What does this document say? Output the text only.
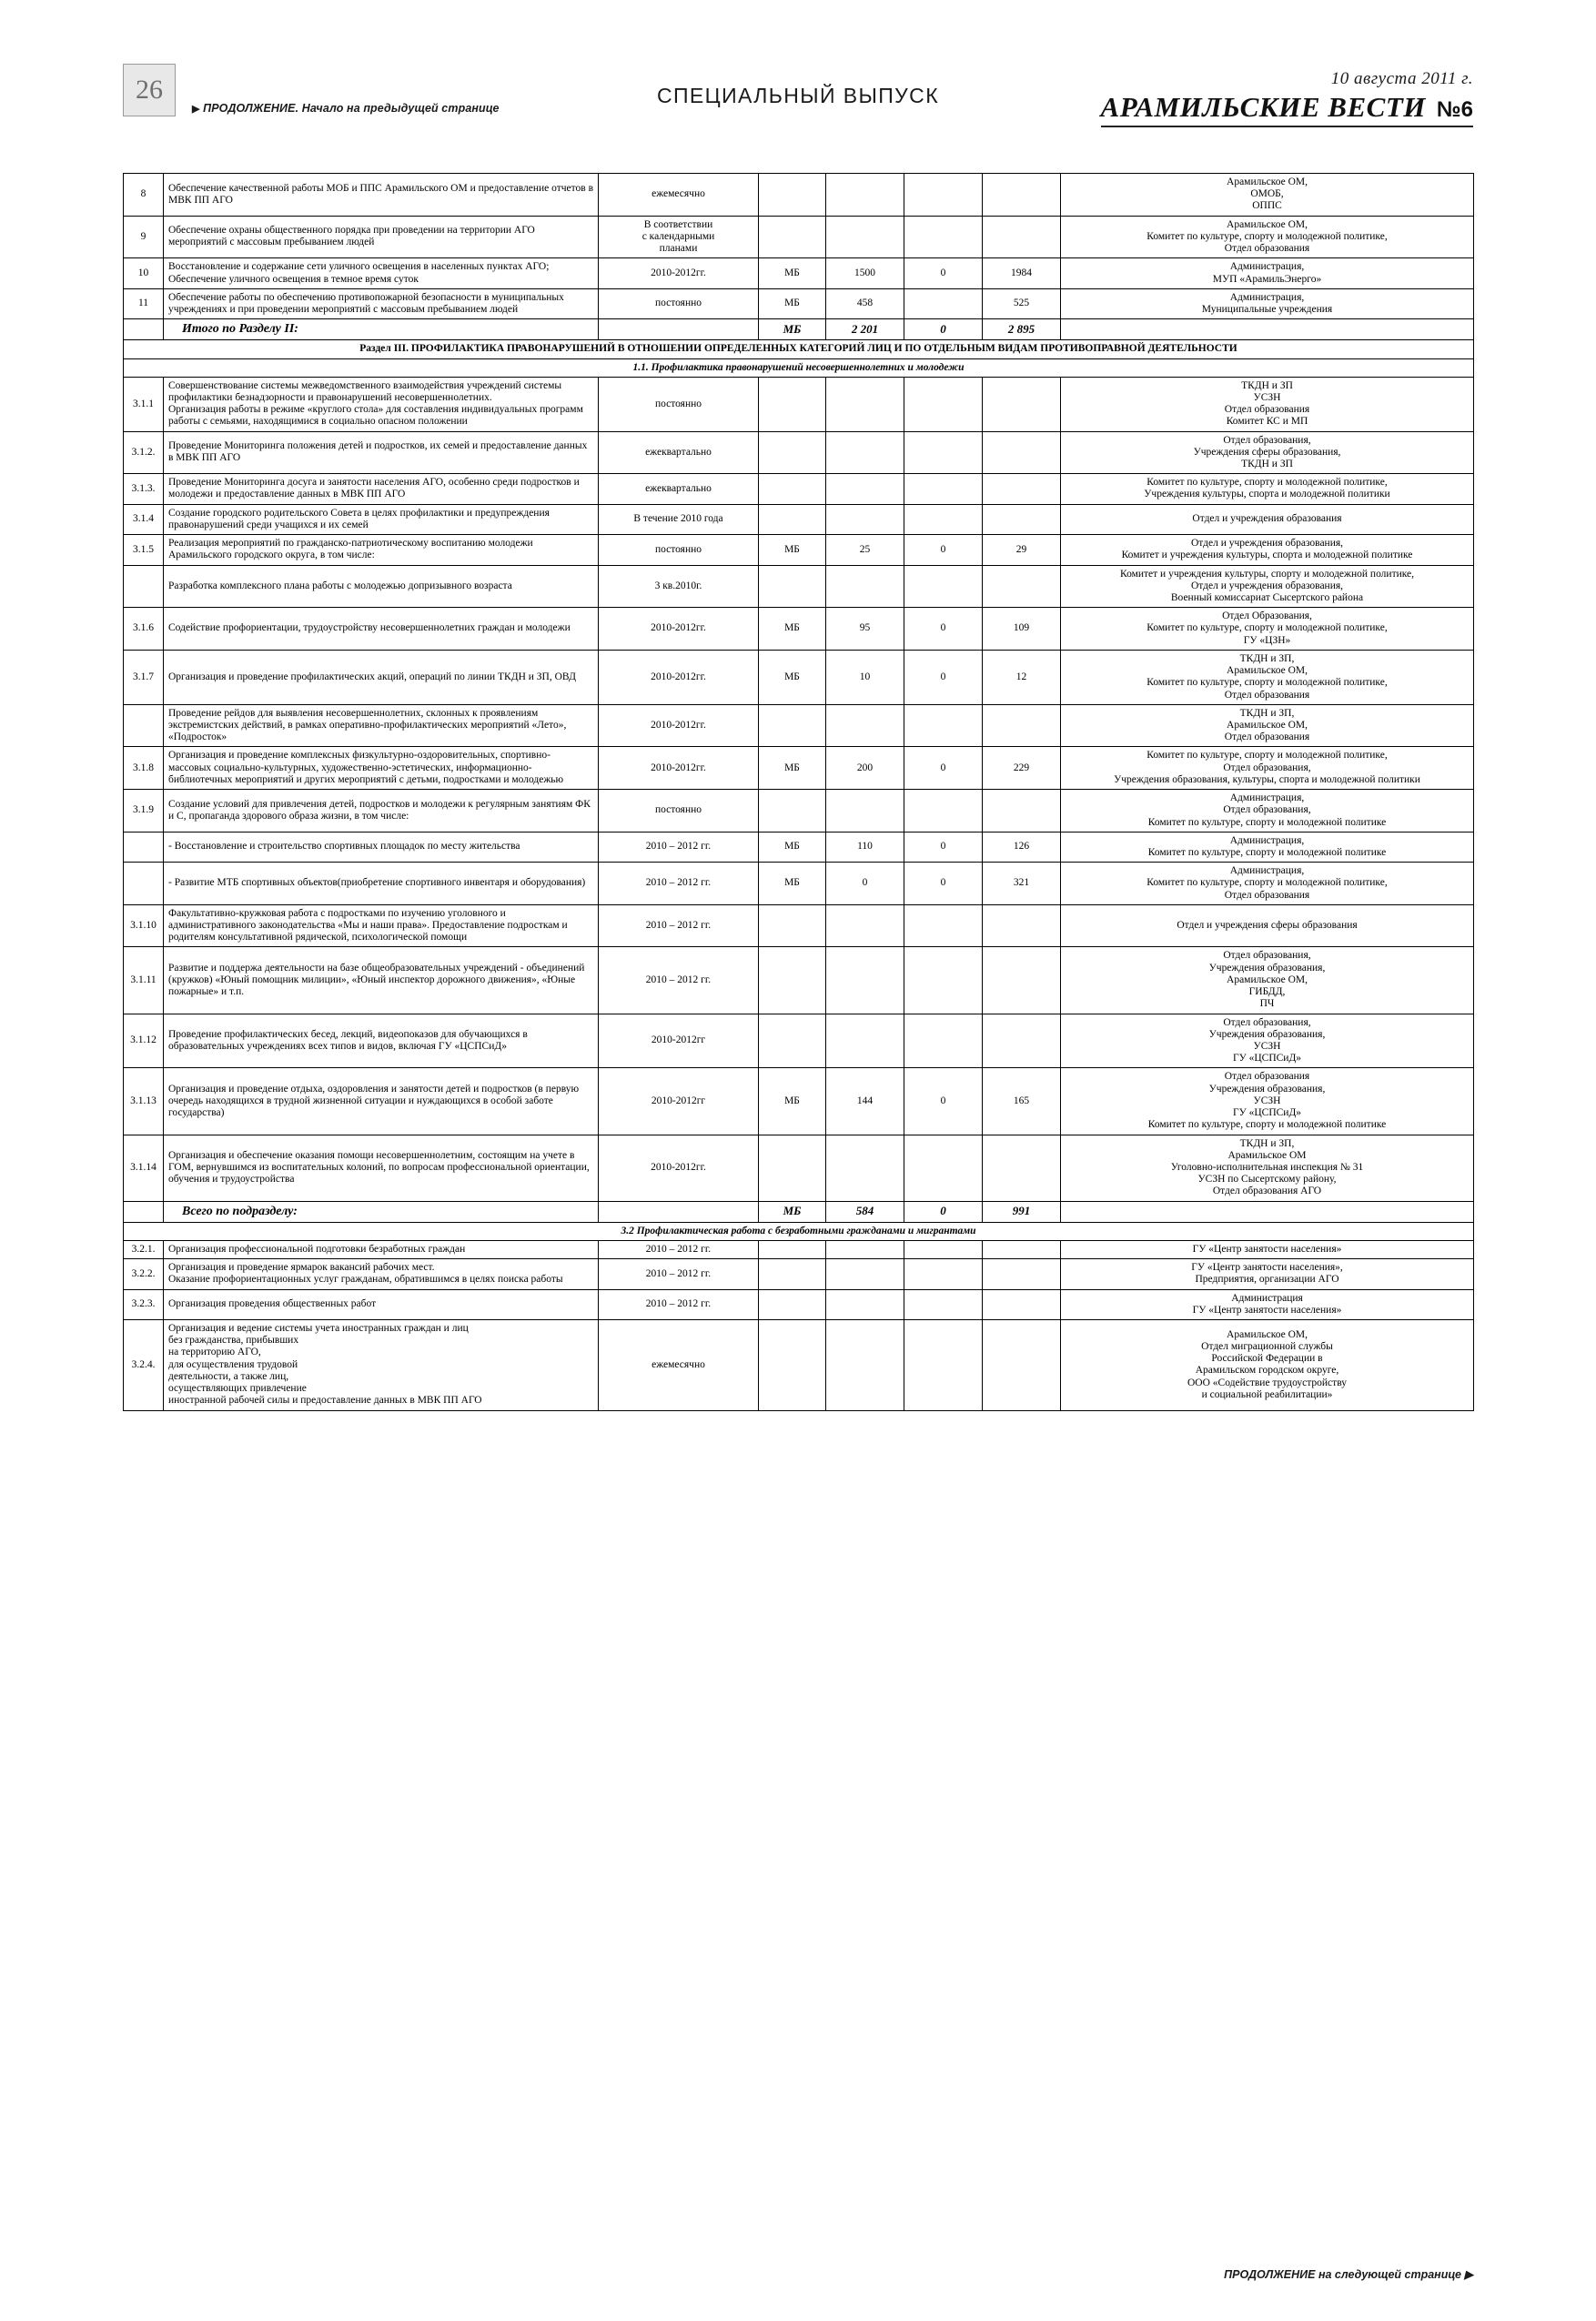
26
▶ ПРОДОЛЖЕНИЕ. Начало на предыдущей странице
СПЕЦИАЛЬНЫЙ ВЫПУСК
10 августа 2011 г.
АРАМИЛЬСКИЕ ВЕСТИ №6
8	Обеспечение качественной работы МОБ и ППС Арамильского ОМ и предоставление отчетов в МВК ПП АГО	ежемесячно					Арамильское ОМ,
ОМОБ,
ОППС
9	Обеспечение охраны общественного порядка при проведении на территории АГО мероприятий с массовым пребыванием людей	В соответствии
с календарными
планами					Арамильское ОМ,
Комитет по культуре, спорту и молодежной политике,
Отдел образования
10	Восстановление и содержание сети уличного освещения в населенных пунктах АГО;
Обеспечение уличного освещения в темное время суток	2010-2012гг.	МБ	1500	0	1984	Администрация,
МУП «АрамильЭнерго»
11	Обеспечение работы по обеспечению противопожарной безопасности в муниципальных учреждениях и при проведении мероприятий с массовым пребыванием людей	постоянно	МБ	458		525	Администрация,
Муниципальные учреждения
	Итого по Разделу II:		МБ	2 201	0	2 895	
Раздел III. ПРОФИЛАКТИКА ПРАВОНАРУШЕНИЙ В ОТНОШЕНИИ ОПРЕДЕЛЕННЫХ КАТЕГОРИЙ ЛИЦ И ПО ОТДЕЛЬНЫМ ВИДАМ ПРОТИВОПРАВНОЙ ДЕЯТЕЛЬНОСТИ							
1.1. Профилактика правонарушений несовершеннолетних и молодежи							
3.1.1	Совершенствование системы межведомственного взаимодействия учреждений системы профилактики безнадзорности и правонарушений несовершеннолетних.
Организация работы в режиме «круглого стола» для составления индивидуальных программ работы с семьями, находящимися в социально опасном положении	постоянно					ТКДН и ЗП
УСЗН
Отдел образования
Комитет КС и МП
3.1.2.	Проведение Мониторинга положения детей и подростков, их семей и предоставление данных в МВК ПП АГО	ежеквартально					Отдел образования,
Учреждения сферы образования,
ТКДН и ЗП
3.1.3.	Проведение Мониторинга досуга и занятости населения АГО, особенно среди подростков и молодежи и предоставление данных в МВК ПП АГО	ежеквартально					Комитет по культуре, спорту и молодежной политике,
Учреждения культуры, спорта и молодежной политики
3.1.4	Создание городского родительского Совета в целях профилактики и предупреждения правонарушений среди учащихся и их семей	В течение 2010 года					Отдел и учреждения образования
3.1.5	Реализация мероприятий по гражданско-патриотическому воспитанию молодежи Арамильского городского округа, в том числе:	постоянно	МБ	25	0	29	Отдел и учреждения образования,
Комитет и учреждения культуры, спорта и молодежной политике
	Разработка комплексного плана работы с молодежью допризывного возраста	3 кв.2010г.					Комитет и учреждения культуры, спорту и молодежной политике,
Отдел и учреждения образования,
Военный комиссариат Сысертского района
3.1.6	Содействие профориентации, трудоустройству несовершеннолетних граждан и молодежи	2010-2012гг.	МБ	95	0	109	Отдел Образования,
Комитет по культуре, спорту и молодежной политике,
ГУ «ЦЗН»
3.1.7	Организация и проведение профилактических акций, операций по линии ТКДН и ЗП, ОВД	2010-2012гг.	МБ	10	0	12	ТКДН и ЗП,
Арамильское ОМ,
Комитет по культуре, спорту и молодежной политике,
Отдел образования
	Проведение рейдов для выявления несовершеннолетних, склонных к проявлениям экстремистских действий, в рамках оперативно-профилактических мероприятий «Лето», «Подросток»	2010-2012гг.					ТКДН и ЗП,
Арамильское ОМ,
Отдел образования
3.1.8	Организация и проведение комплексных физкультурно-оздоровительных, спортивно-массовых социально-культурных, художественно-эстетических, информационно-библиотечных мероприятий и других мероприятий с детьми, подростками и молодежью	2010-2012гг.	МБ	200	0	229	Комитет по культуре, спорту и молодежной политике,
Отдел образования,
Учреждения образования, культуры, спорта и молодежной политики
3.1.9	Создание условий для привлечения детей, подростков и молодежи к регулярным занятиям ФК и С, пропаганда здорового образа жизни, в том числе:	постоянно					Администрация,
Отдел образования,
Комитет по культуре, спорту и молодежной политике
	- Восстановление и строительство спортивных площадок по месту жительства	2010 – 2012 гг.	МБ	110	0	126	Администрация,
Комитет по культуре, спорту и молодежной политике
	- Развитие МТБ спортивных объектов(приобретение спортивного инвентаря и оборудования)	2010 – 2012 гг.	МБ	0	0	321	Администрация,
Комитет по культуре, спорту и молодежной политике,
Отдел образования
3.1.10	Факультативно-кружковая работа с подростками по изучению уголовного и административного законодательства «Мы и наши права». Предоставление подросткам и родителям консультативной рядической, психологической помощи	2010 – 2012 гг.					Отдел и учреждения сферы образования
3.1.11	Развитие и поддержа деятельности на базе общеобразовательных учреждений - объединений (кружков) «Юный помощник милиции», «Юный инспектор дорожного движения», «Юные пожарные» и т.п.	2010 – 2012 гг.					Отдел образования,
Учреждения образования,
Арамильское ОМ,
ГИБДД,
ПЧ
3.1.12	Проведение профилактических бесед, лекций, видеопоказов для обучающихся в образовательных учреждениях всех типов и видов, включая ГУ «ЦСПСиД»	2010-2012гг					Отдел образования,
Учреждения образования,
УСЗН
ГУ «ЦСПСиД»
3.1.13	Организация и проведение отдыха, оздоровления и занятости детей и подростков (в первую очередь находящихся в трудной жизненной ситуации и нуждающихся в особой заботе государства)	2010-2012гг	МБ	144	0	165	Отдел образования
Учреждения образования,
УСЗН
ГУ «ЦСПСиД»
Комитет по культуре, спорту и молодежной политике
3.1.14	Организация и обеспечение оказания помощи несовершеннолетним, состоящим на учете в ГОМ, вернувшимся из воспитательных колоний, по вопросам профессиональной ориентации, обучения и трудоустройства	2010-2012гг.					ТКДН и ЗП,
Арамильское ОМ
Уголовно-исполнительная инспекция № 31
УСЗН по Сысертскому району,
Отдел образования АГО
	Всего по подразделу:		МБ	584	0	991	
3.2 Профилактическая работа с безработными гражданами и мигрантами							
3.2.1.	Организация профессиональной подготовки безработных граждан	2010 – 2012 гг.					ГУ «Центр занятости населения»
3.2.2.	Организация и проведение ярмарок вакансий рабочих мест.
Оказание профориентационных услуг гражданам, обратившимся в целях поиска работы	2010 – 2012 гг.					ГУ «Центр занятости населения»,
Предприятия, организации АГО
3.2.3.	Организация проведения общественных работ	2010 – 2012 гг.					Администрация
ГУ «Центр занятости населения»
3.2.4.	Организация и ведение системы учета иностранных граждан и лиц
без гражданства, прибывших
на территорию АГО,
для осуществления трудовой
деятельности, а также лиц,
осуществляющих привлечение
иностранной рабочей силы и предоставление данных в МВК ПП АГО	ежемесячно					Арамильское ОМ,
Отдел миграционной службы
Российской Федерации в
Арамильском городском округе,
ООО «Содействие трудоустройству
и социальной реабилитации»
ПРОДОЛЖЕНИЕ на следующей странице ▶
